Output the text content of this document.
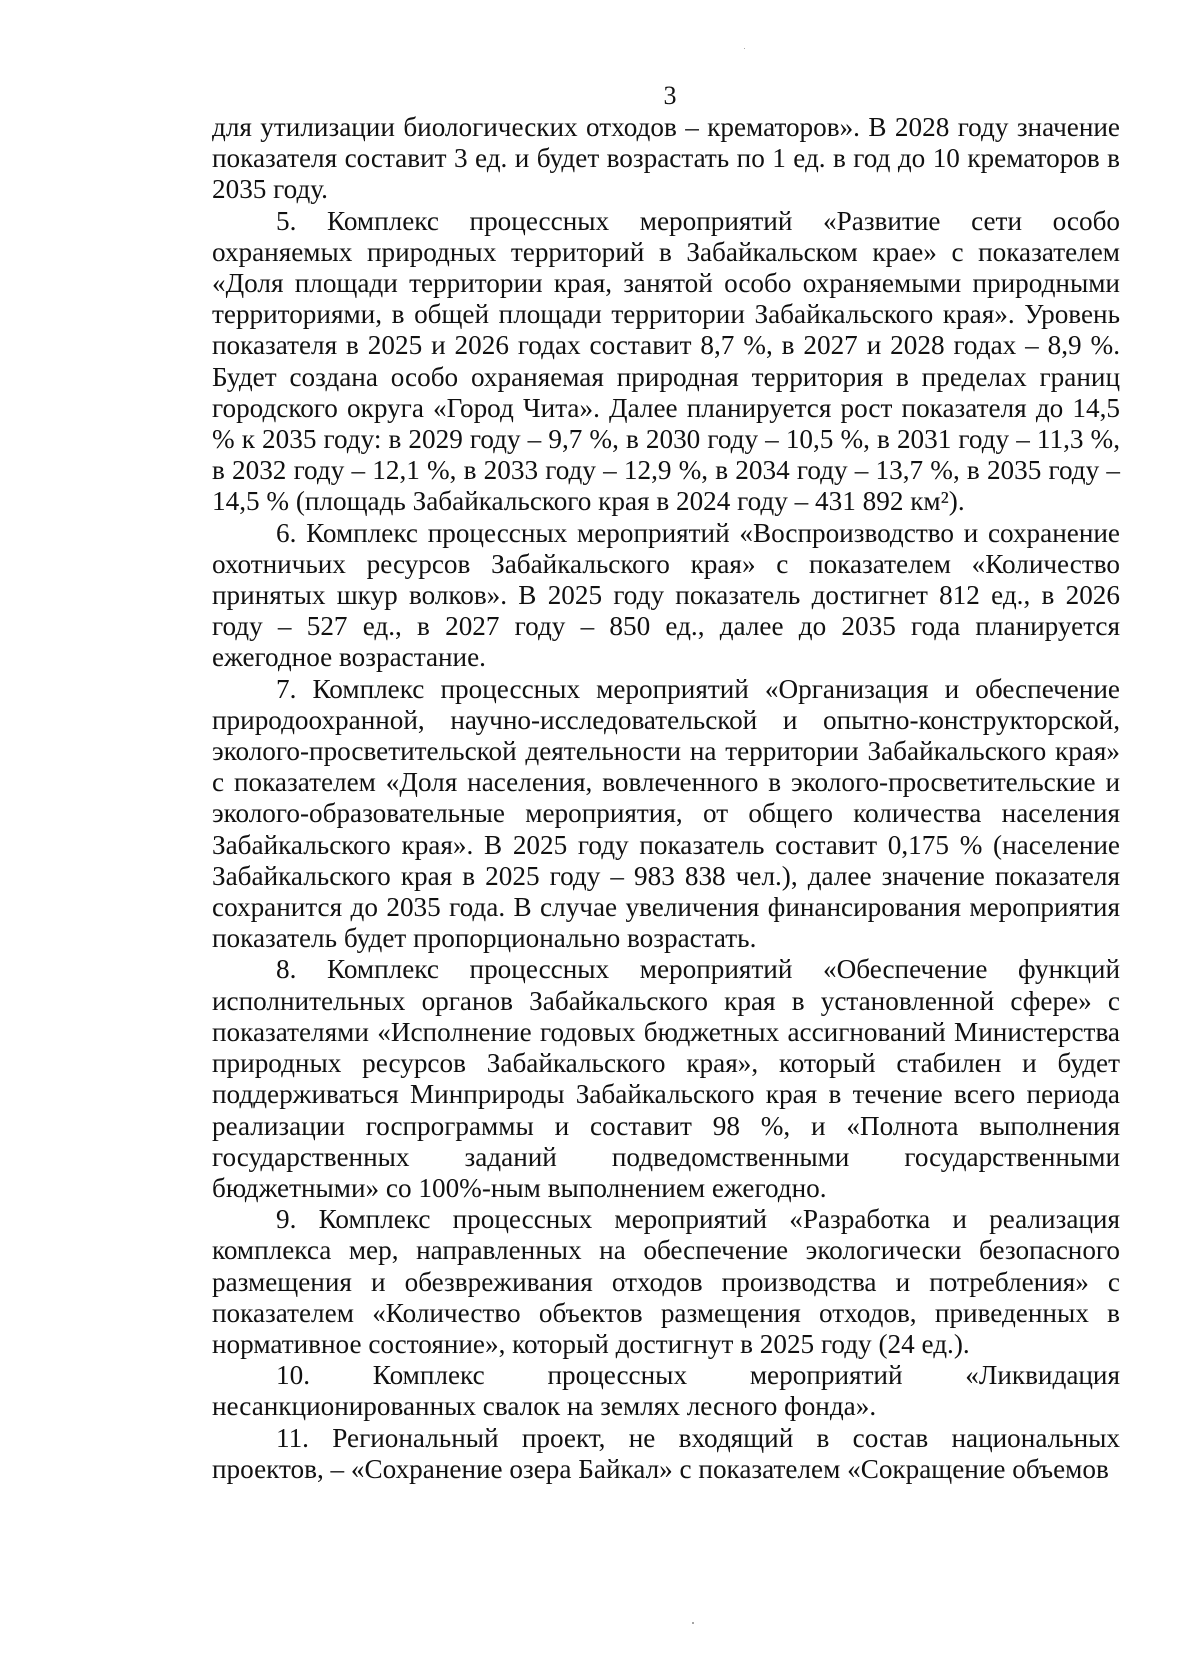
3

для утилизации биологических отходов – крематоров». В 2028 году значение показателя составит 3 ед. и будет возрастать по 1 ед. в год до 10 крематоров в 2035 году.

5. Комплекс процессных мероприятий «Развитие сети особо охраняемых природных территорий в Забайкальском крае» с показателем «Доля площади территории края, занятой особо охраняемыми природными территориями, в общей площади территории Забайкальского края». Уровень показателя в 2025 и 2026 годах составит 8,7 %, в 2027 и 2028 годах – 8,9 %. Будет создана особо охраняемая природная территория в пределах границ городского округа «Город Чита». Далее планируется рост показателя до 14,5 % к 2035 году: в 2029 году – 9,7 %, в 2030 году – 10,5 %, в 2031 году – 11,3 %, в 2032 году – 12,1 %, в 2033 году – 12,9 %, в 2034 году – 13,7 %, в 2035 году – 14,5 % (площадь Забайкальского края в 2024 году – 431 892 км²).

6. Комплекс процессных мероприятий «Воспроизводство и сохранение охотничьих ресурсов Забайкальского края» с показателем «Количество принятых шкур волков». В 2025 году показатель достигнет 812 ед., в 2026 году – 527 ед., в 2027 году – 850 ед., далее до 2035 года планируется ежегодное возрастание.

7. Комплекс процессных мероприятий «Организация и обеспечение природоохранной, научно-исследовательской и опытно-конструкторской, эколого-просветительской деятельности на территории Забайкальского края» с показателем «Доля населения, вовлеченного в эколого-просветительские и эколого-образовательные мероприятия, от общего количества населения Забайкальского края». В 2025 году показатель составит 0,175 % (население Забайкальского края в 2025 году – 983 838 чел.), далее значение показателя сохранится до 2035 года. В случае увеличения финансирования мероприятия показатель будет пропорционально возрастать.

8. Комплекс процессных мероприятий «Обеспечение функций исполнительных органов Забайкальского края в установленной сфере» с показателями «Исполнение годовых бюджетных ассигнований Министерства природных ресурсов Забайкальского края», который стабилен и будет поддерживаться Минприроды Забайкальского края в течение всего периода реализации госпрограммы и составит 98 %, и «Полнота выполнения государственных заданий подведомственными государственными бюджетными» со 100%-ным выполнением ежегодно.

9. Комплекс процессных мероприятий «Разработка и реализация комплекса мер, направленных на обеспечение экологически безопасного размещения и обезвреживания отходов производства и потребления» с показателем «Количество объектов размещения отходов, приведенных в нормативное состояние», который достигнут в 2025 году (24 ед.).

10. Комплекс процессных мероприятий «Ликвидация несанкционированных свалок на землях лесного фонда».

11. Региональный проект, не входящий в состав национальных проектов, – «Сохранение озера Байкал» с показателем «Сокращение объемов
